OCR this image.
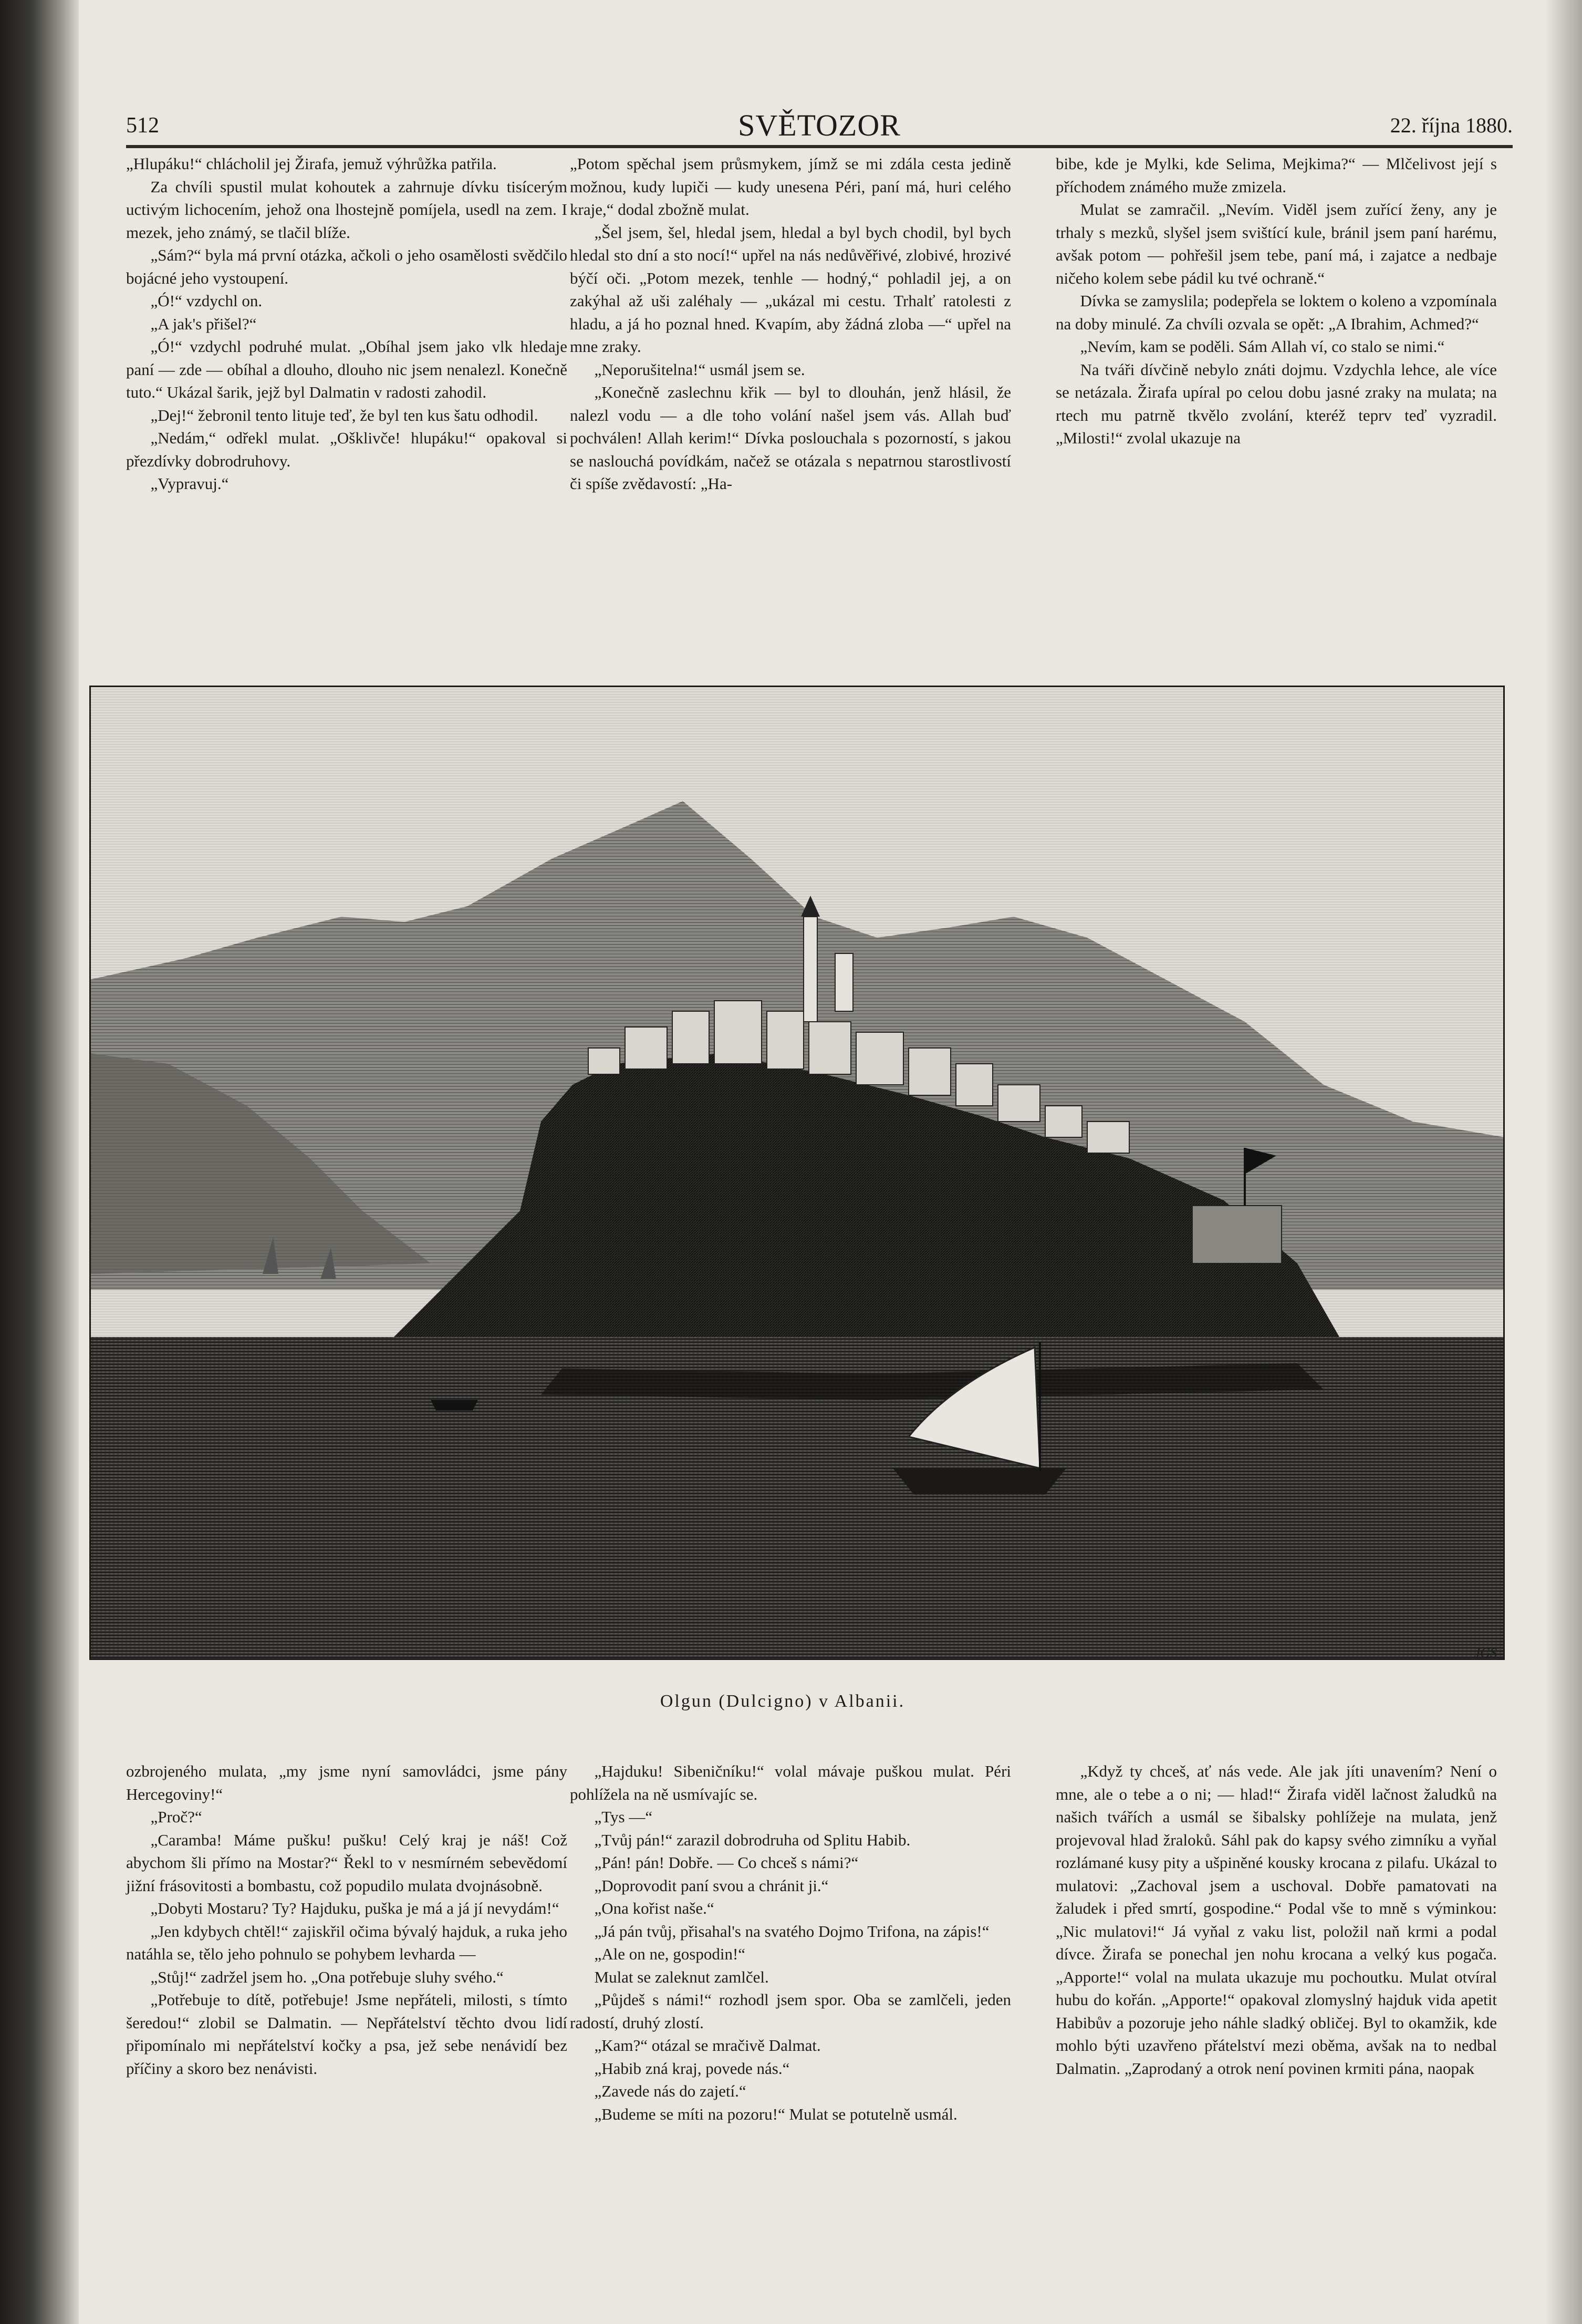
512	SVĚTOZOR	22. října 1880.

„Hlupáku!“ chlácholil jej Žirafa, jemuž výhrůžka patřila.

Za chvíli spustil mulat kohoutek a zahrnuje dívku tisícerým uctivým lichocením, jehož ona lhostejně pomíjela, usedl na zem. I mezek, jeho známý, se tlačil blíže.

„Sám?“ byla má první otázka, ačkoli o jeho osamělosti svědčilo bojácné jeho vystoupení.

„Ó!“ vzdychl on.

„A jak's přišel?“

„Ó!“ vzdychl podruhé mulat. „Obíhal jsem jako vlk hledaje paní — zde — obíhal a dlouho, dlouho nic jsem nenalezl. Konečně tuto.“ Ukázal šarik, jejž byl Dalmatin v radosti zahodil.

„Dej!“ žebronil tento lituje teď, že byl ten kus šatu odhodil.

„Nedám,“ odřekl mulat. „Ošklivče! hlupáku!“ opakoval si přezdívky dobrodruhovy.

„Vypravuj.“

„Potom spěchal jsem průsmykem, jímž se mi zdála cesta jedině možnou, kudy lupiči — kudy unesena Péri, paní má, huri celého kraje,“ dodal zbožně mulat.

„Šel jsem, šel, hledal jsem, hledal a byl bych chodil, byl bych hledal sto dní a sto nocí!“ upřel na nás nedůvěřivé, zlobivé, hrozivé býčí oči. „Potom mezek, tenhle — hodný,“ pohladil jej, a on zakýhal až uši zaléhaly — „ukázal mi cestu. Trhalť ratolesti z hladu, a já ho poznal hned. Kvapím, aby žádná zloba —“ upřel na mne zraky.

„Neporušitelna!“ usmál jsem se.

„Konečně zaslechnu křik — byl to dlouhán, jenž hlásil, že nalezl vodu — a dle toho volání našel jsem vás. Allah buď pochválen! Allah kerim!“ Dívka poslouchala s pozorností, s jakou se naslouchá povídkám, načež se otázala s nepatrnou starostlivostí či spíše zvědavostí: „Ha-

bibe, kde je Mylki, kde Selima, Mejkima?“ — Mlčelivost její s příchodem známého muže zmizela.

Mulat se zamračil. „Nevím. Viděl jsem zuřící ženy, any je trhaly s mezků, slyšel jsem svištící kule, bránil jsem paní harému, avšak potom — pohřešil jsem tebe, paní má, i zajatce a nedbaje ničeho kolem sebe pádil ku tvé ochraně.“

Dívka se zamyslila; podepřela se loktem o koleno a vzpomínala na doby minulé. Za chvíli ozvala se opět: „A Ibrahim, Achmed?“

„Nevím, kam se poděli. Sám Allah ví, co stalo se nimi.“

Na tváři dívčině nebylo znáti dojmu. Vzdychla lehce, ale více se netázala. Žirafa upíral po celou dobu jasné zraky na mulata; na rtech mu patrně tkvělo zvolání, kteréž teprv teď vyzradil. „Milosti!“ zvolal ukazuje na

JGS
Olgun (Dulcigno) v Albanii.

ozbrojeného mulata, „my jsme nyní samovládci, jsme pány Hercegoviny!“

„Proč?“

„Caramba! Máme pušku! pušku! Celý kraj je náš! Což abychom šli přímo na Mostar?“ Řekl to v nesmírném sebevědomí jižní frásovitosti a bombastu, což popudilo mulata dvojnásobně.

„Dobyti Mostaru? Ty? Hajduku, puška je má a já jí nevydám!“

„Jen kdybych chtěl!“ zajiskřil očima bývalý hajduk, a ruka jeho natáhla se, tělo jeho pohnulo se pohybem levharda —

„Stůj!“ zadržel jsem ho. „Ona potřebuje sluhy svého.“

„Potřebuje to dítě, potřebuje! Jsme nepřáteli, milosti, s tímto šeredou!“ zlobil se Dalmatin. — Nepřátelství těchto dvou lidí připomínalo mi nepřátelství kočky a psa, jež sebe nenávidí bez příčiny a skoro bez nenávisti.

„Hajduku! Sibeničníku!“ volal mávaje puškou mulat. Péri pohlížela na ně usmívajíc se.

„Tys —“

„Tvůj pán!“ zarazil dobrodruha od Splitu Habib.

„Pán! pán! Dobře. — Co chceš s námi?“

„Doprovodit paní svou a chránit ji.“

„Ona kořist naše.“

„Já pán tvůj, přisahal's na svatého Dojmo Trifona, na zápis!“

„Ale on ne, gospodin!“

Mulat se zaleknut zamlčel.

„Půjdeš s námi!“ rozhodl jsem spor. Oba se zamlčeli, jeden radostí, druhý zlostí.

„Kam?“ otázal se mračivě Dalmat.

„Habib zná kraj, povede nás.“

„Zavede nás do zajetí.“

„Budeme se míti na pozoru!“ Mulat se potutelně usmál.

„Když ty chceš, ať nás vede. Ale jak jíti unavením? Není o mne, ale o tebe a o ni; — hlad!“ Žirafa viděl lačnost žaludků na našich tvářích a usmál se šibalsky pohlížeje na mulata, jenž projevoval hlad žraloků. Sáhl pak do kapsy svého zimníku a vyňal rozlámané kusy pity a ušpiněné kousky krocana z pilafu. Ukázal to mulatovi: „Zachoval jsem a uschoval. Dobře pamatovati na žaludek i před smrtí, gospodine.“ Podal vše to mně s výminkou: „Nic mulatovi!“ Já vyňal z vaku list, položil naň krmi a podal dívce. Žirafa se ponechal jen nohu krocana a velký kus pogača. „Apporte!“ volal na mulata ukazuje mu pochoutku. Mulat otvíral hubu do kořán. „Apporte!“ opakoval zlomyslný hajduk vida apetit Habibův a pozoruje jeho náhle sladký obličej. Byl to okamžik, kde mohlo býti uzavřeno přátelství mezi oběma, avšak na to nedbal Dalmatin. „Zaprodaný a otrok není povinen krmiti pána, naopak
